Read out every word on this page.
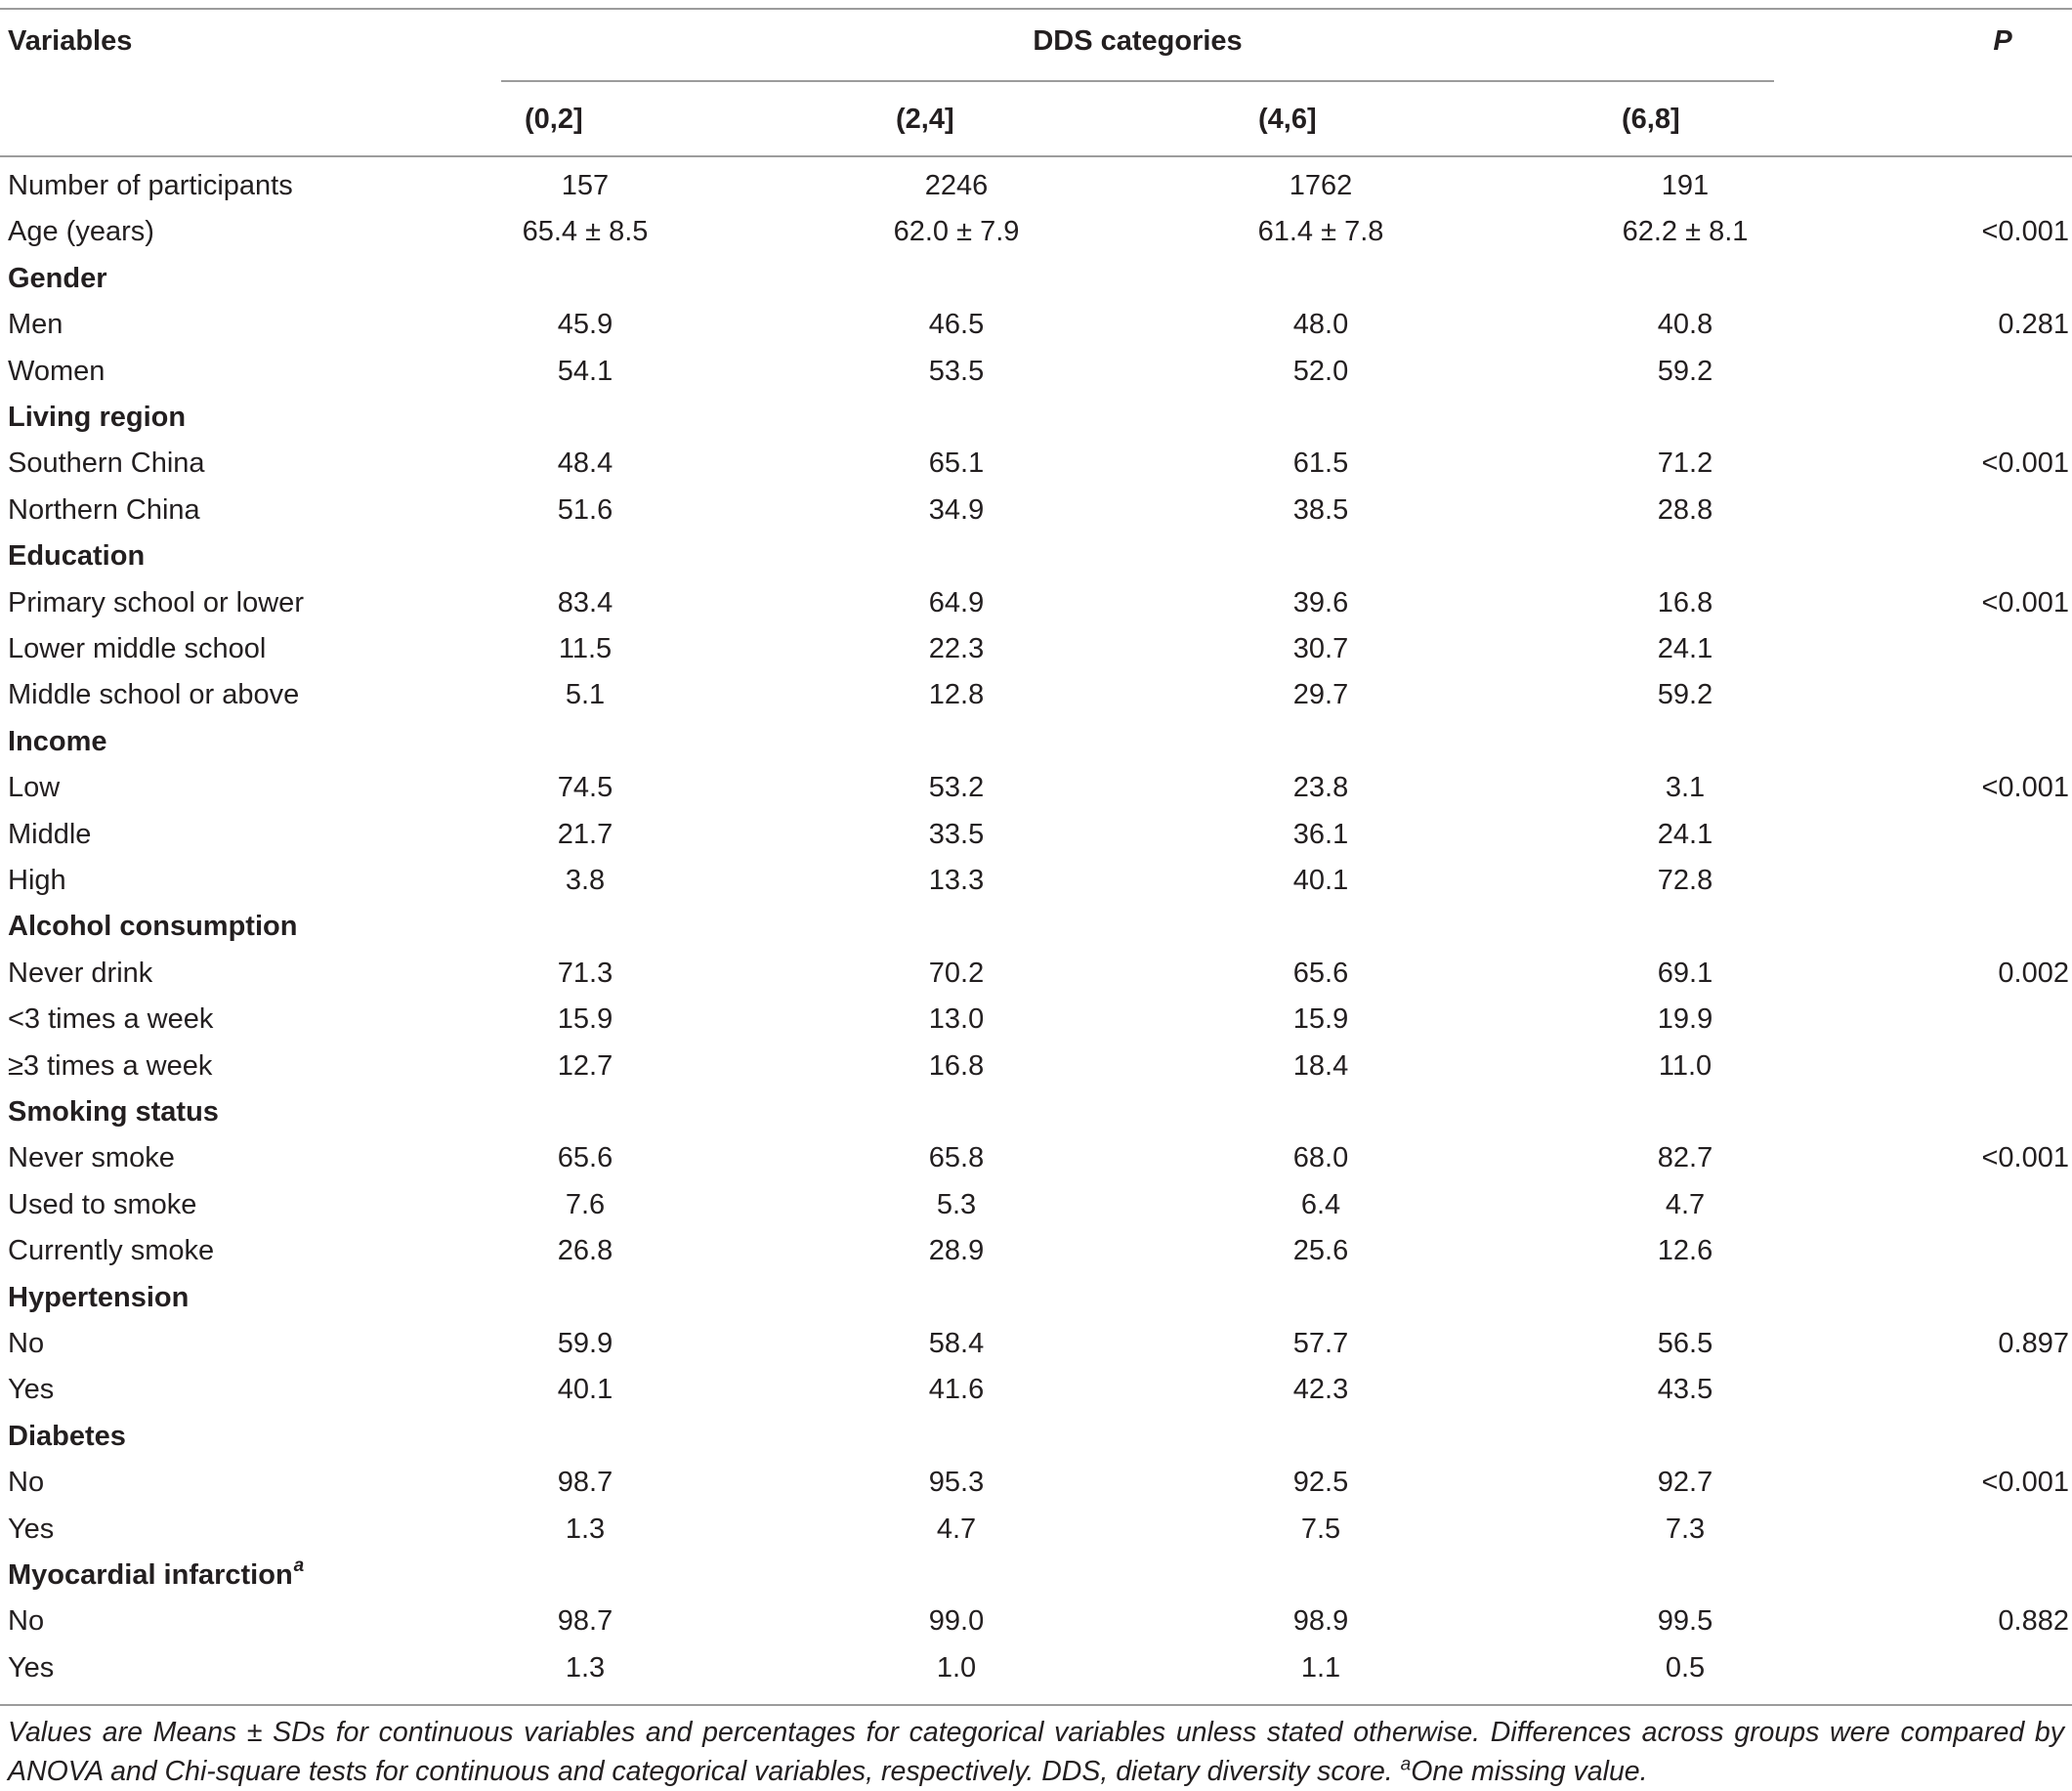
Variables	DDS categories	P
(0,2]	(2,4]	(4,6]	(6,8]
Number of participants	157	2246	1762	191
Age (years)	65.4 ± 8.5	62.0 ± 7.9	61.4 ± 7.8	62.2 ± 8.1	<0.001
Gender
Men	45.9	46.5	48.0	40.8	0.281
Women	54.1	53.5	52.0	59.2
Living region
Southern China	48.4	65.1	61.5	71.2	<0.001
Northern China	51.6	34.9	38.5	28.8
Education
Primary school or lower	83.4	64.9	39.6	16.8	<0.001
Lower middle school	11.5	22.3	30.7	24.1
Middle school or above	5.1	12.8	29.7	59.2
Income
Low	74.5	53.2	23.8	3.1	<0.001
Middle	21.7	33.5	36.1	24.1
High	3.8	13.3	40.1	72.8
Alcohol consumption
Never drink	71.3	70.2	65.6	69.1	0.002
<3 times a week	15.9	13.0	15.9	19.9
≥3 times a week	12.7	16.8	18.4	11.0
Smoking status
Never smoke	65.6	65.8	68.0	82.7	<0.001
Used to smoke	7.6	5.3	6.4	4.7
Currently smoke	26.8	28.9	25.6	12.6
Hypertension
No	59.9	58.4	57.7	56.5	0.897
Yes	40.1	41.6	42.3	43.5
Diabetes
No	98.7	95.3	92.5	92.7	<0.001
Yes	1.3	4.7	7.5	7.3
Myocardial infarction$^a$
No	98.7	99.0	98.9	99.5	0.882
Yes	1.3	1.0	1.1	0.5
Values are Means ± SDs for continuous variables and percentages for categorical variables unless stated otherwise. Differences across groups were compared by ANOVA and Chi-square tests for continuous and categorical variables, respectively. DDS, dietary diversity score. $^a$One missing value.
